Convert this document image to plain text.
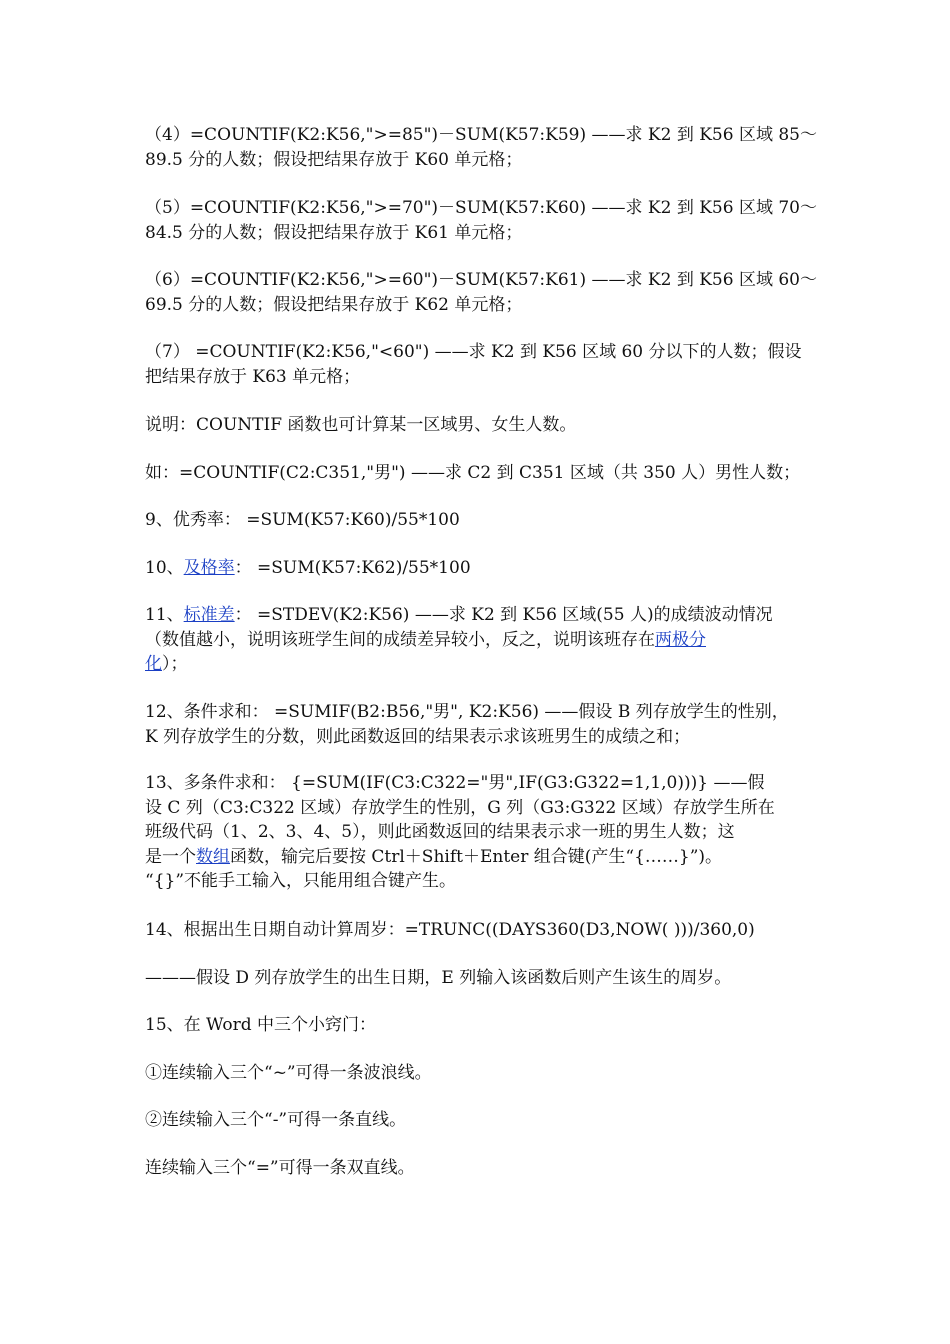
（4）=COUNTIF(K2:K56,">=85")－SUM(K57:K59) ——求 K2 到 K56 区域 85～
89.5 分的人数；假设把结果存放于 K60 单元格；

（5）=COUNTIF(K2:K56,">=70")－SUM(K57:K60) ——求 K2 到 K56 区域 70～
84.5 分的人数；假设把结果存放于 K61 单元格；

（6）=COUNTIF(K2:K56,">=60")－SUM(K57:K61) ——求 K2 到 K56 区域 60～
69.5 分的人数；假设把结果存放于 K62 单元格；

（7） =COUNTIF(K2:K56,"<60") ——求 K2 到 K56 区域 60 分以下的人数；假设
把结果存放于 K63 单元格；

说明：COUNTIF 函数也可计算某一区域男、女生人数。

如：=COUNTIF(C2:C351,"男") ——求 C2 到 C351 区域（共 350 人）男性人数；

9、优秀率： =SUM(K57:K60)/55*100

10、及格率： =SUM(K57:K62)/55*100

11、标准差： =STDEV(K2:K56) ——求 K2 到 K56 区域(55 人)的成绩波动情况
（数值越小，说明该班学生间的成绩差异较小，反之，说明该班存在两极分
化）；

12、条件求和： =SUMIF(B2:B56,"男", K2:K56) ——假设 B 列存放学生的性别，
K 列存放学生的分数，则此函数返回的结果表示求该班男生的成绩之和；

13、多条件求和： {=SUM(IF(C3:C322="男",IF(G3:G322=1,1,0)))} ——假
设 C 列（C3:C322 区域）存放学生的性别，G 列（G3:G322 区域）存放学生所在
班级代码（1、2、3、4、5），则此函数返回的结果表示求一班的男生人数；这
是一个数组函数，输完后要按 Ctrl＋Shift＋Enter 组合键(产生“{……}”)。
“{}”不能手工输入，只能用组合键产生。

14、根据出生日期自动计算周岁：=TRUNC((DAYS360(D3,NOW( )))/360,0)

———假设 D 列存放学生的出生日期，E 列输入该函数后则产生该生的周岁。

15、在 Word 中三个小窍门：

①连续输入三个“~”可得一条波浪线。

②连续输入三个“-”可得一条直线。

连续输入三个“=”可得一条双直线。
